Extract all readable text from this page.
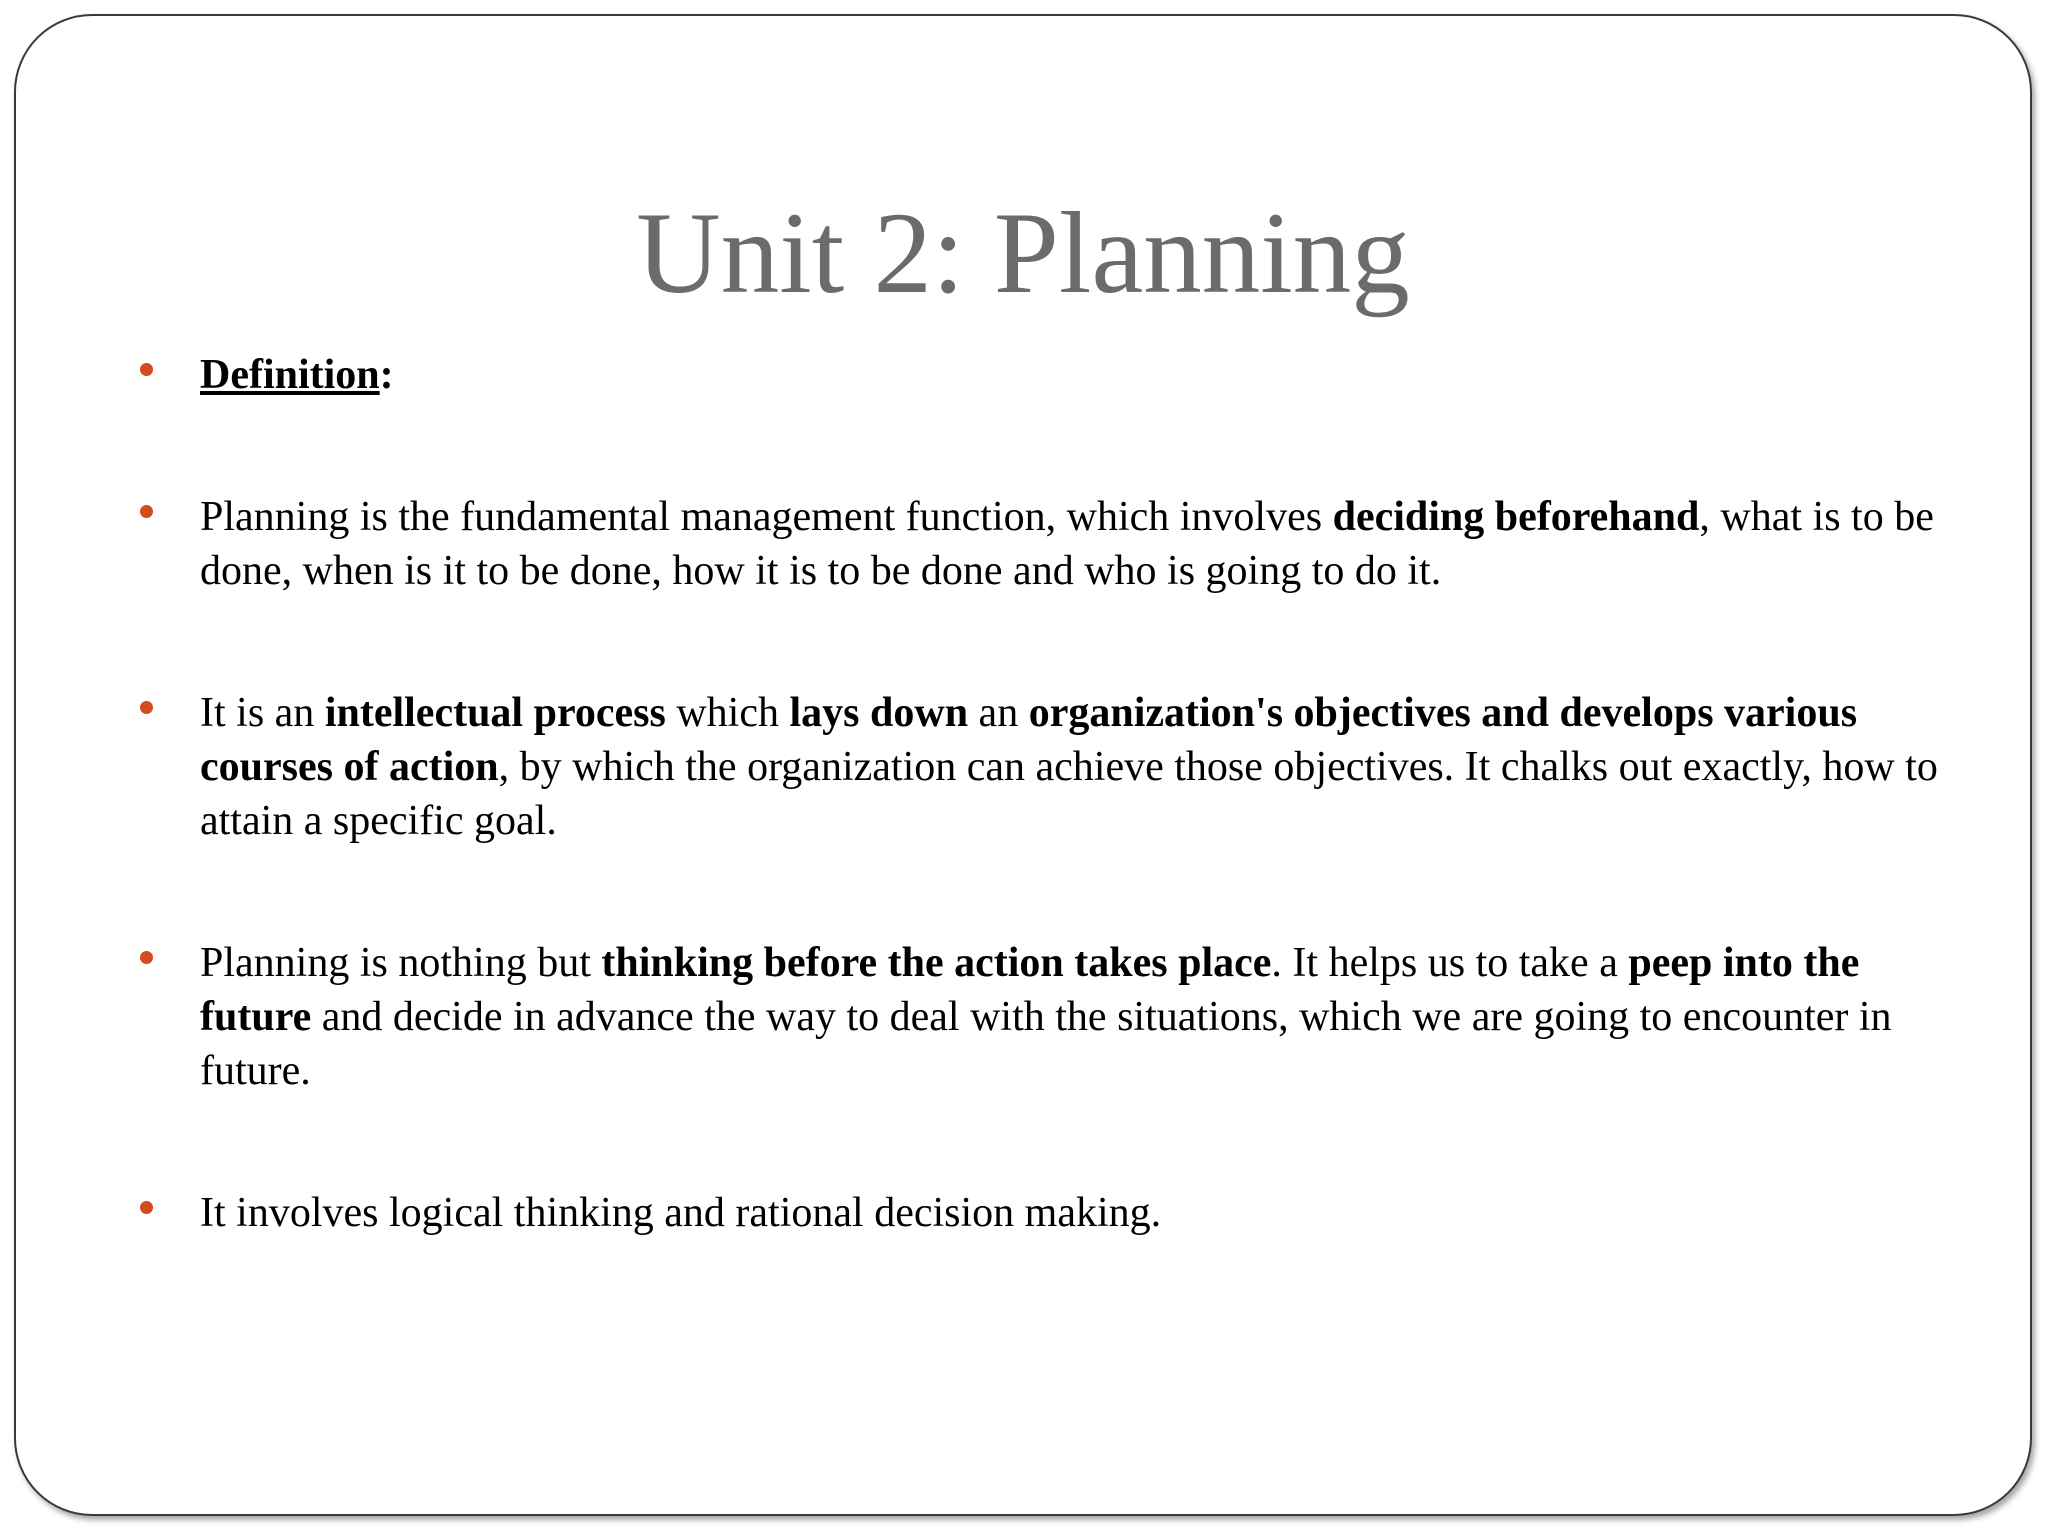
Unit 2: Planning
Definition:
Planning is the fundamental management function, which involves deciding beforehand, what is to be done, when is it to be done, how it is to be done and who is going to do it.
It is an intellectual process which lays down an organization's objectives and develops various courses of action, by which the organization can achieve those objectives. It chalks out exactly, how to attain a specific goal.
Planning is nothing but thinking before the action takes place. It helps us to take a peep into the future and decide in advance the way to deal with the situations, which we are going to encounter in future.
It involves logical thinking and rational decision making.
